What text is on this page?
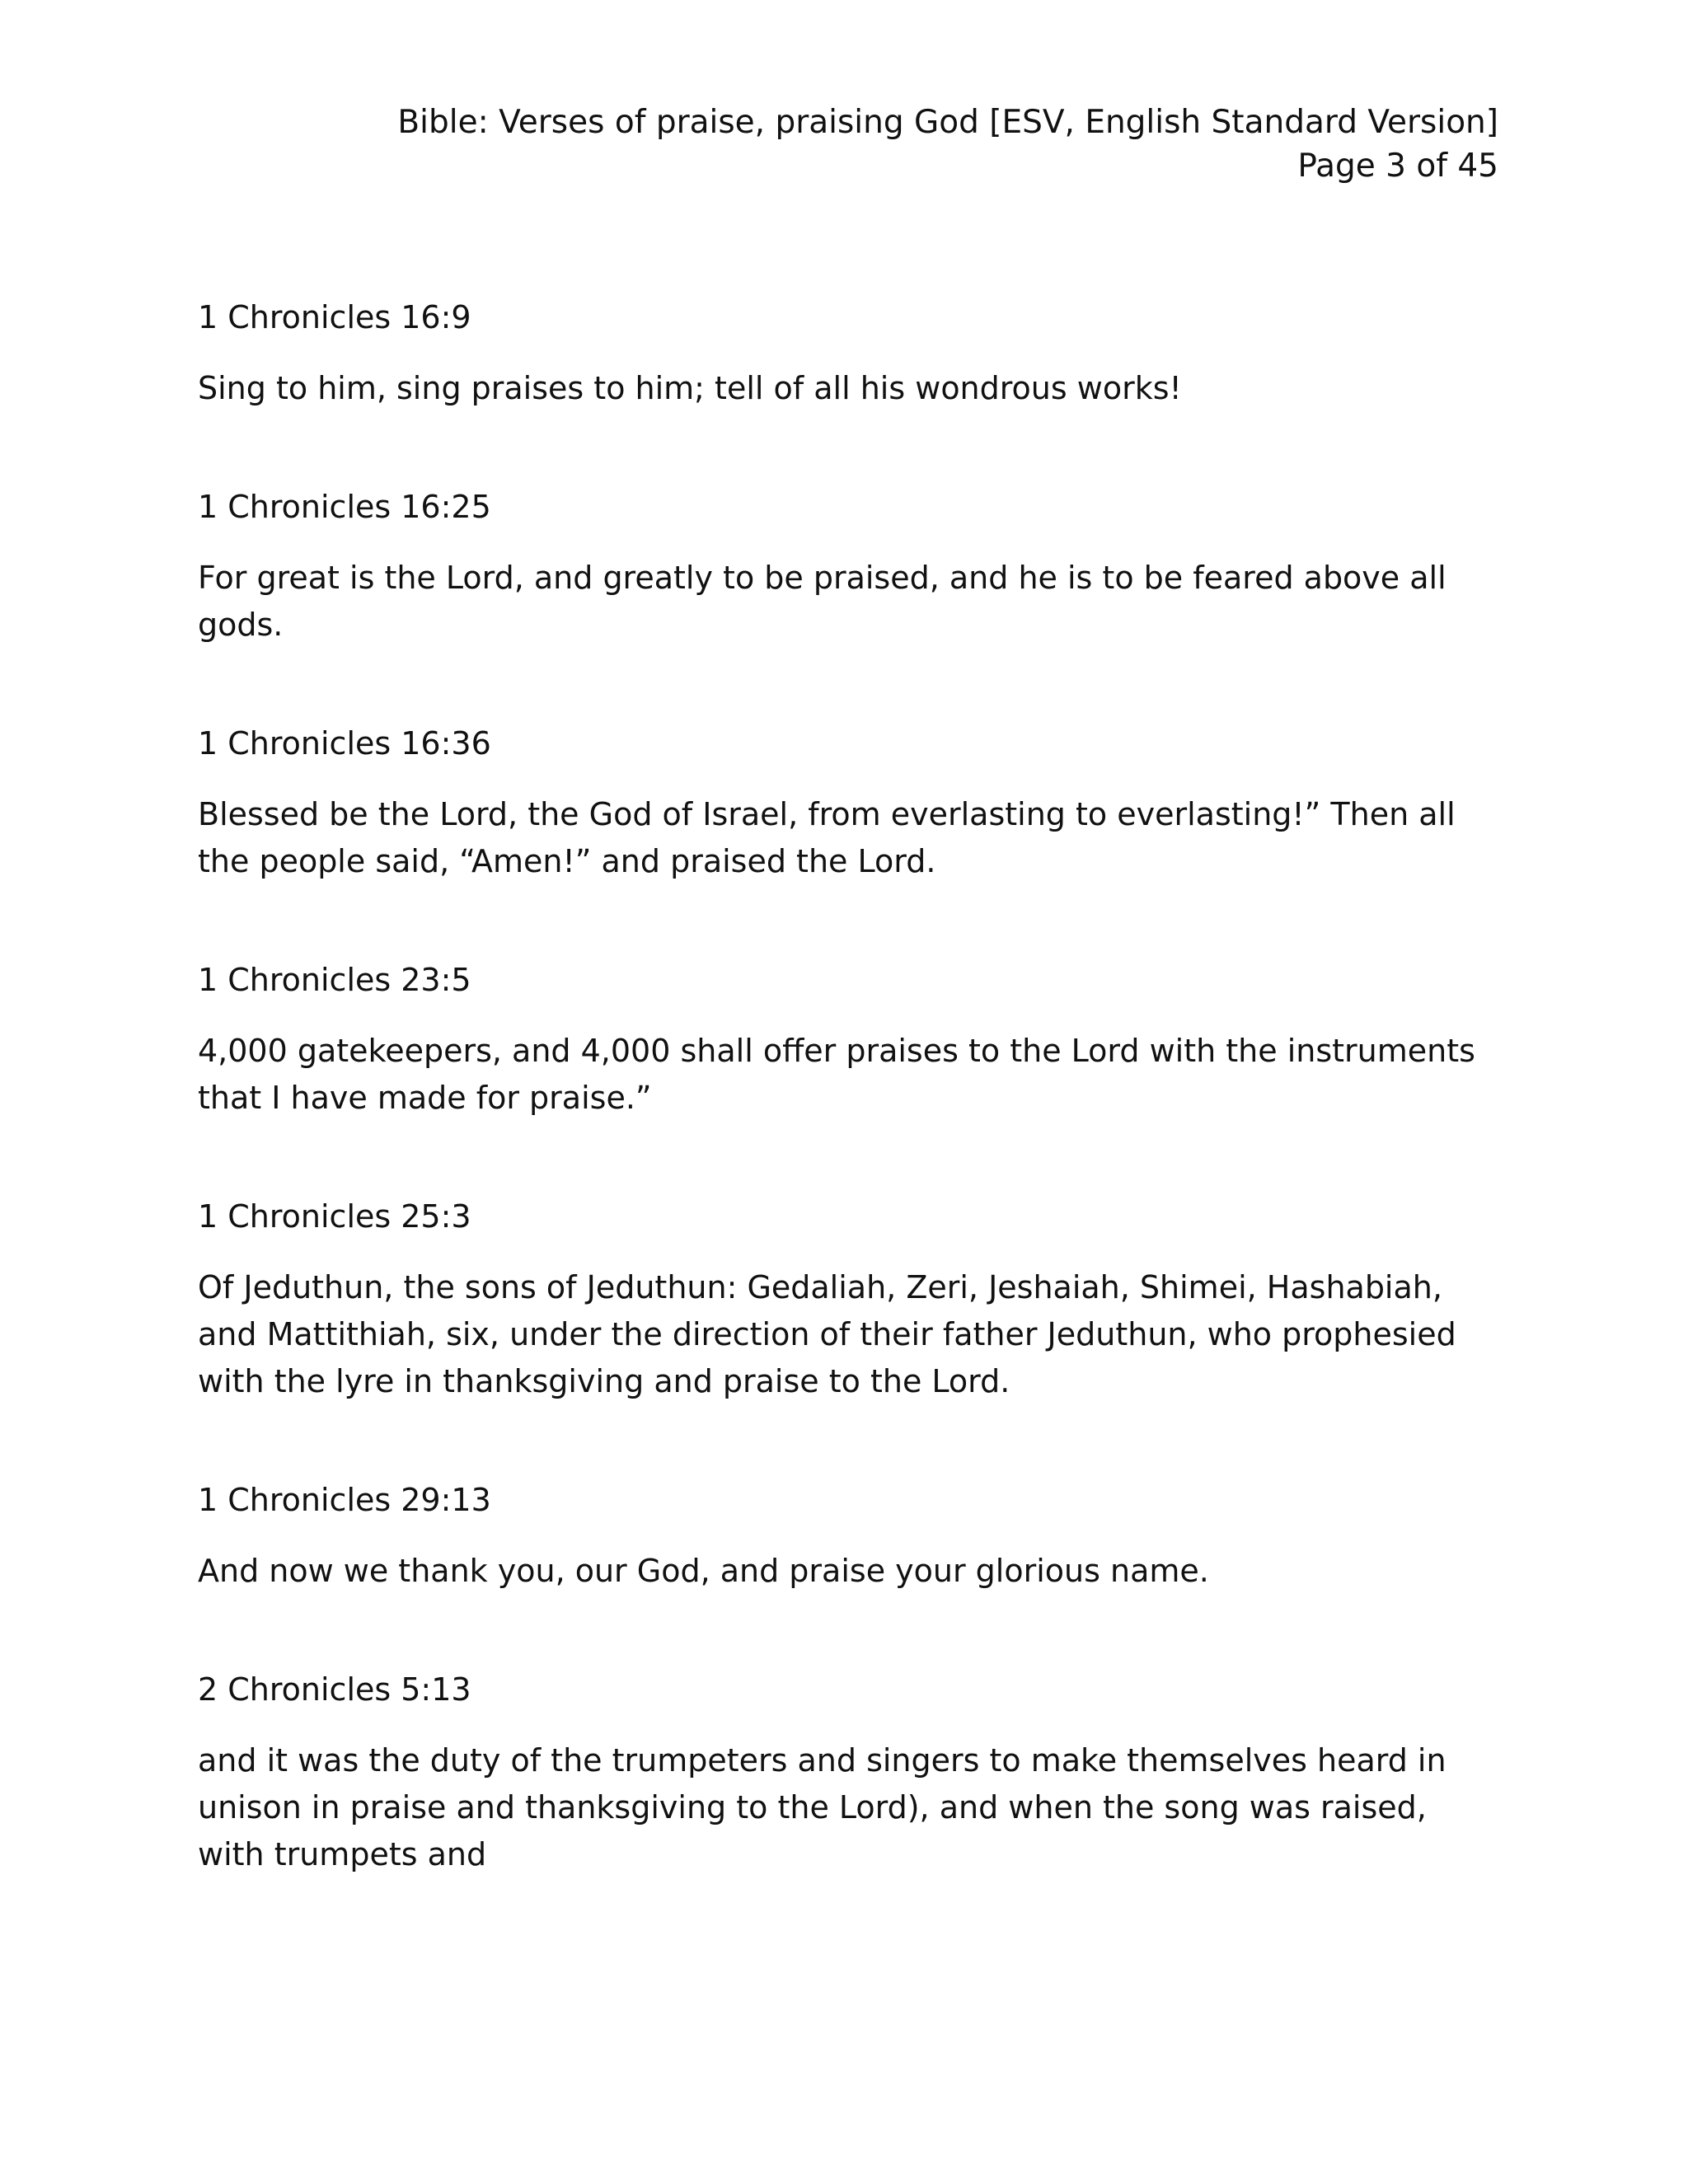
Bible: Verses of praise, praising God [ESV, English Standard Version]
Page 3 of 45
1 Chronicles 16:9

Sing to him, sing praises to him; tell of all his wondrous works!

1 Chronicles 16:25

For great is the Lord, and greatly to be praised, and he is to be feared above all gods.

1 Chronicles 16:36

Blessed be the Lord, the God of Israel, from everlasting to everlasting!” Then all the people said, “Amen!” and praised the Lord.

1 Chronicles 23:5

4,000 gatekeepers, and 4,000 shall offer praises to the Lord with the instruments that I have made for praise.”

1 Chronicles 25:3

Of Jeduthun, the sons of Jeduthun: Gedaliah, Zeri, Jeshaiah, Shimei, Hashabiah, and Mattithiah, six, under the direction of their father Jeduthun, who prophesied with the lyre in thanksgiving and praise to the Lord.

1 Chronicles 29:13

And now we thank you, our God, and praise your glorious name.

2 Chronicles 5:13

and it was the duty of the trumpeters and singers to make themselves heard in unison in praise and thanksgiving to the Lord), and when the song was raised, with trumpets and
